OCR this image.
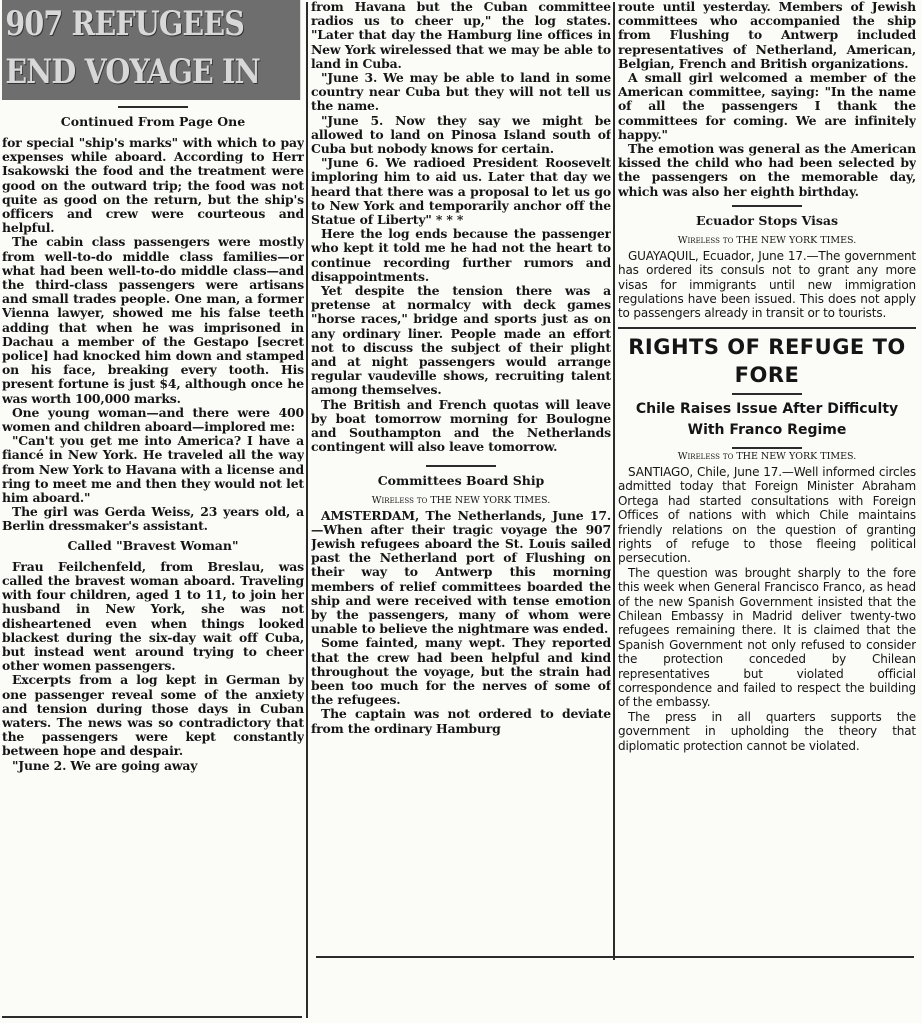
907 REFUGEES END VOYAGE IN
Continued From Page One

for special "ship's marks" with which to pay expenses while aboard. According to Herr Isakowski the food and the treatment were good on the outward trip; the food was not quite as good on the return, but the ship's officers and crew were courteous and helpful.

The cabin class passengers were mostly from well-to-do middle class families—or what had been well-to-do middle class—and the third-class passengers were artisans and small trades people. One man, a former Vienna lawyer, showed me his false teeth adding that when he was imprisoned in Dachau a member of the Gestapo [secret police] had knocked him down and stamped on his face, breaking every tooth. His present fortune is just $4, although once he was worth 100,000 marks.

One young woman—and there were 400 women and children aboard—implored me:

"Can't you get me into America? I have a fiancé in New York. He traveled all the way from New York to Havana with a license and ring to meet me and then they would not let him aboard."

The girl was Gerda Weiss, 23 years old, a Berlin dressmaker's assistant.

Called "Bravest Woman"

Frau Feilchenfeld, from Breslau, was called the bravest woman aboard. Traveling with four children, aged 1 to 11, to join her husband in New York, she was not disheartened even when things looked blackest during the six-day wait off Cuba, but instead went around trying to cheer other women passengers.

Excerpts from a log kept in German by one passenger reveal some of the anxiety and tension during those days in Cuban waters. The news was so contradictory that the passengers were kept constantly between hope and despair.

"June 2. We are going away

from Havana but the Cuban committee radios us to cheer up," the log states. "Later that day the Hamburg line offices in New York wirelessed that we may be able to land in Cuba.

"June 3. We may be able to land in some country near Cuba but they will not tell us the name.

"June 5. Now they say we might be allowed to land on Pinosa Island south of Cuba but nobody knows for certain.

"June 6. We radioed President Roosevelt imploring him to aid us. Later that day we heard that there was a proposal to let us go to New York and temporarily anchor off the Statue of Liberty" * * *

Here the log ends because the passenger who kept it told me he had not the heart to continue recording further rumors and disappointments.

Yet despite the tension there was a pretense at normalcy with deck games "horse races," bridge and sports just as on any ordinary liner. People made an effort not to discuss the subject of their plight and at night passengers would arrange regular vaudeville shows, recruiting talent among themselves.

The British and French quotas will leave by boat tomorrow morning for Boulogne and Southampton and the Netherlands contingent will also leave tomorrow.

Committees Board Ship
Wireless to THE NEW YORK TIMES.

AMSTERDAM, The Netherlands, June 17.—When after their tragic voyage the 907 Jewish refugees aboard the St. Louis sailed past the Netherland port of Flushing on their way to Antwerp this morning members of relief committees boarded the ship and were received with tense emotion by the passengers, many of whom were unable to believe the nightmare was ended.

Some fainted, many wept. They reported that the crew had been helpful and kind throughout the voyage, but the strain had been too much for the nerves of some of the refugees.

The captain was not ordered to deviate from the ordinary Hamburg

route until yesterday. Members of Jewish committees who accompanied the ship from Flushing to Antwerp included representatives of Netherland, American, Belgian, French and British organizations.

A small girl welcomed a member of the American committee, saying: "In the name of all the passengers I thank the committees for coming. We are infinitely happy."

The emotion was general as the American kissed the child who had been selected by the passengers on the memorable day, which was also her eighth birthday.

Ecuador Stops Visas
Wireless to THE NEW YORK TIMES.

GUAYAQUIL, Ecuador, June 17.—The government has ordered its consuls not to grant any more visas for immigrants until new immigration regulations have been issued. This does not apply to passengers already in transit or to tourists.

RIGHTS OF REFUGE TO FORE
Chile Raises Issue After Difficulty With Franco Regime
Wireless to THE NEW YORK TIMES.

SANTIAGO, Chile, June 17.—Well informed circles admitted today that Foreign Minister Abraham Ortega had started consultations with Foreign Offices of nations with which Chile maintains friendly relations on the question of granting rights of refuge to those fleeing political persecution.

The question was brought sharply to the fore this week when General Francisco Franco, as head of the new Spanish Government insisted that the Chilean Embassy in Madrid deliver twenty-two refugees remaining there. It is claimed that the Spanish Government not only refused to consider the protection conceded by Chilean representatives but violated official correspondence and failed to respect the building of the embassy.

The press in all quarters supports the government in upholding the theory that diplomatic protection cannot be violated.
